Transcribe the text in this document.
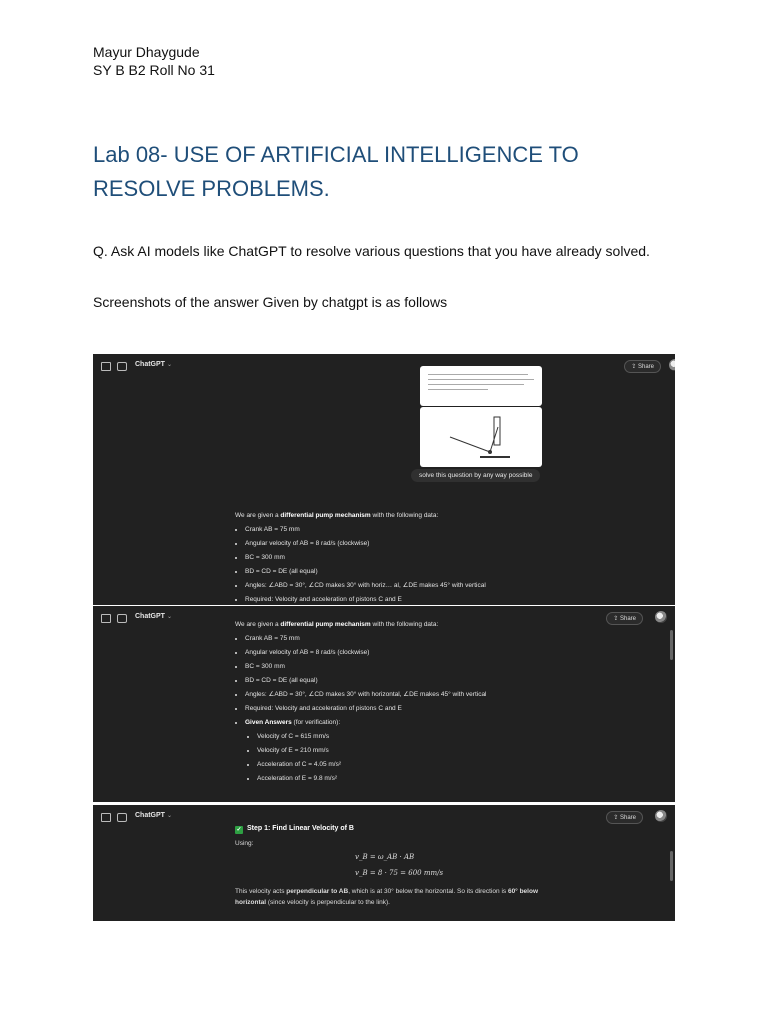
Mayur Dhaygude
SY B B2 Roll No 31
Lab 08- USE OF ARTIFICIAL INTELLIGENCE TO RESOLVE PROBLEMS.
Q. Ask AI models like ChatGPT to resolve various questions that you have already solved.
Screenshots of the answer Given by chatgpt is as follows
ChatGPT ⌄	⇪ Share
solve this question by any way possible
We are given a differential pump mechanism with the following data:
• Crank AB = 75 mm
• Angular velocity of AB = 8 rad/s (clockwise)
• BC = 300 mm
• BD = CD = DE (all equal)
• Angles: ∠ABD = 30°, ∠CD makes 30° with horiz… al, ∠DE makes 45° with vertical
• Required: Velocity and acceleration of pistons C and E
ChatGPT ⌄	⇪ Share
We are given a differential pump mechanism with the following data:
• Crank AB = 75 mm
• Angular velocity of AB = 8 rad/s (clockwise)
• BC = 300 mm
• BD = CD = DE (all equal)
• Angles: ∠ABD = 30°, ∠CD makes 30° with horizontal, ∠DE makes 45° with vertical
• Required: Velocity and acceleration of pistons C and E
• Given Answers (for verification):
• Velocity of C = 615 mm/s
• Velocity of E = 210 mm/s
• Acceleration of C = 4.05 m/s²
• Acceleration of E = 9.8 m/s²
ChatGPT ⌄	⇪ Share
✓ Step 1: Find Linear Velocity of B
Using:
v_B = ω_AB · AB
v_B = 8 · 75 = 600 mm/s
This velocity acts perpendicular to AB, which is at 30° below the horizontal. So its direction is 60° below horizontal (since velocity is perpendicular to the link).
